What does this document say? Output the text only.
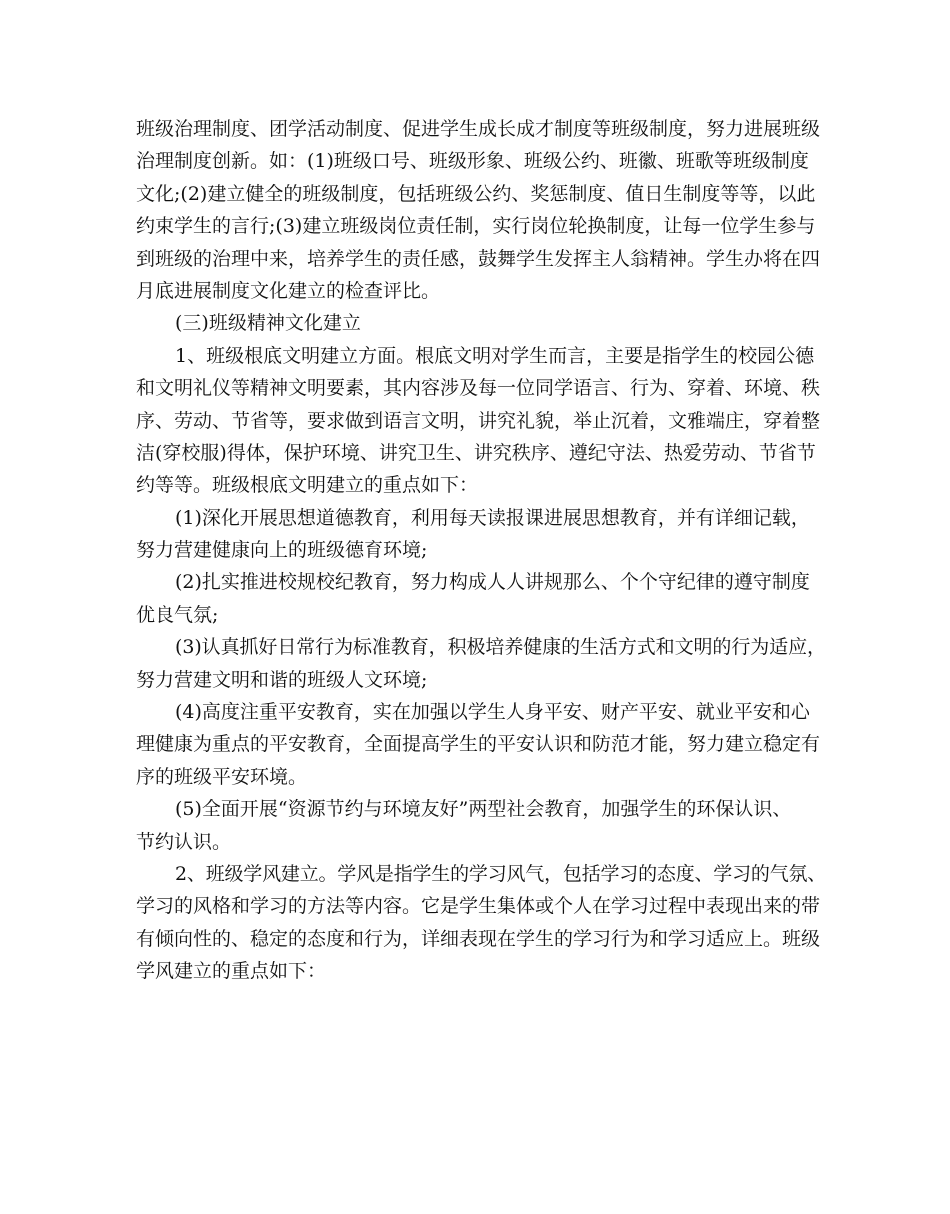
班级治理制度、团学活动制度、促进学生成长成才制度等班级制度，努力进展班级
治理制度创新。如：(1)班级口号、班级形象、班级公约、班徽、班歌等班级制度
文化;(2)建立健全的班级制度，包括班级公约、奖惩制度、值日生制度等等，以此
约束学生的言行;(3)建立班级岗位责任制，实行岗位轮换制度，让每一位学生参与
到班级的治理中来，培养学生的责任感，鼓舞学生发挥主人翁精神。学生办将在四
月底进展制度文化建立的检查评比。
(三)班级精神文化建立
1、班级根底文明建立方面。根底文明对学生而言，主要是指学生的校园公德
和文明礼仪等精神文明要素，其内容涉及每一位同学语言、行为、穿着、环境、秩
序、劳动、节省等，要求做到语言文明，讲究礼貌，举止沉着，文雅端庄，穿着整
洁(穿校服)得体，保护环境、讲究卫生、讲究秩序、遵纪守法、热爱劳动、节省节
约等等。班级根底文明建立的重点如下：
(1)深化开展思想道德教育，利用每天读报课进展思想教育，并有详细记载，
努力营建健康向上的班级德育环境;
(2)扎实推进校规校纪教育，努力构成人人讲规那么、个个守纪律的遵守制度
优良气氛;
(3)认真抓好日常行为标准教育，积极培养健康的生活方式和文明的行为适应，
努力营建文明和谐的班级人文环境;
(4)高度注重平安教育，实在加强以学生人身平安、财产平安、就业平安和心
理健康为重点的平安教育，全面提高学生的平安认识和防范才能，努力建立稳定有
序的班级平安环境。
(5)全面开展“资源节约与环境友好”两型社会教育，加强学生的环保认识、
节约认识。
2、班级学风建立。学风是指学生的学习风气，包括学习的态度、学习的气氛、
学习的风格和学习的方法等内容。它是学生集体或个人在学习过程中表现出来的带
有倾向性的、稳定的态度和行为，详细表现在学生的学习行为和学习适应上。班级
学风建立的重点如下：
